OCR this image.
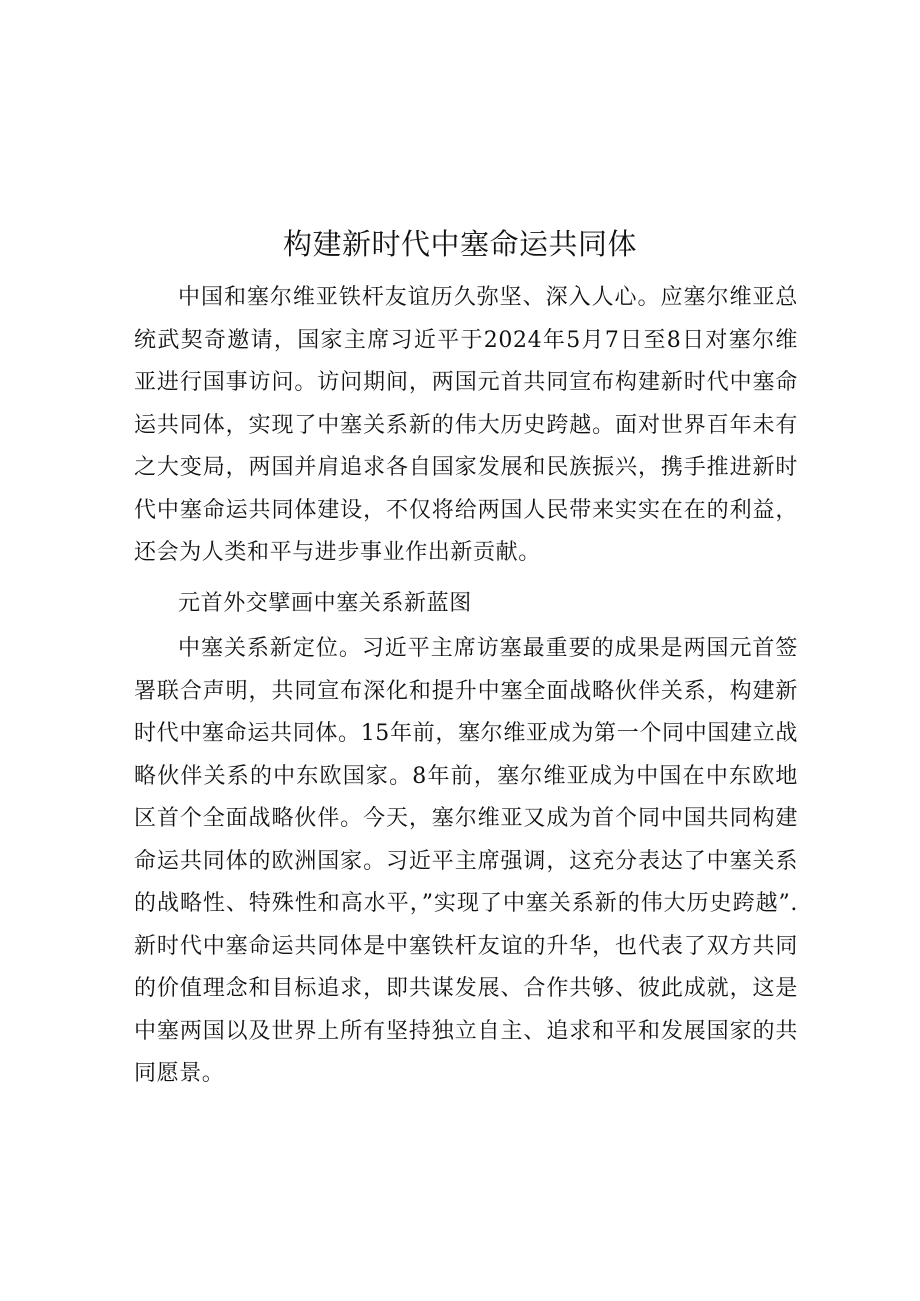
构建新时代中塞命运共同体

中国和塞尔维亚铁杆友谊历久弥坚、深入人心。应塞尔维亚总统武契奇邀请，国家主席习近平于2024年5月7日至8日对塞尔维亚进行国事访问。访问期间，两国元首共同宣布构建新时代中塞命运共同体，实现了中塞关系新的伟大历史跨越。面对世界百年未有之大变局，两国并肩追求各自国家发展和民族振兴，携手推进新时代中塞命运共同体建设，不仅将给两国人民带来实实在在的利益，还会为人类和平与进步事业作出新贡献。

元首外交擘画中塞关系新蓝图

中塞关系新定位。习近平主席访塞最重要的成果是两国元首签署联合声明，共同宣布深化和提升中塞全面战略伙伴关系，构建新时代中塞命运共同体。15年前，塞尔维亚成为第一个同中国建立战略伙伴关系的中东欧国家。8年前，塞尔维亚成为中国在中东欧地区首个全面战略伙伴。今天，塞尔维亚又成为首个同中国共同构建命运共同体的欧洲国家。习近平主席强调，这充分表达了中塞关系的战略性、特殊性和高水平，”实现了中塞关系新的伟大历史跨越”.新时代中塞命运共同体是中塞铁杆友谊的升华，也代表了双方共同的价值理念和目标追求，即共谋发展、合作共够、彼此成就，这是中塞两国以及世界上所有坚持独立自主、追求和平和发展国家的共同愿景。
